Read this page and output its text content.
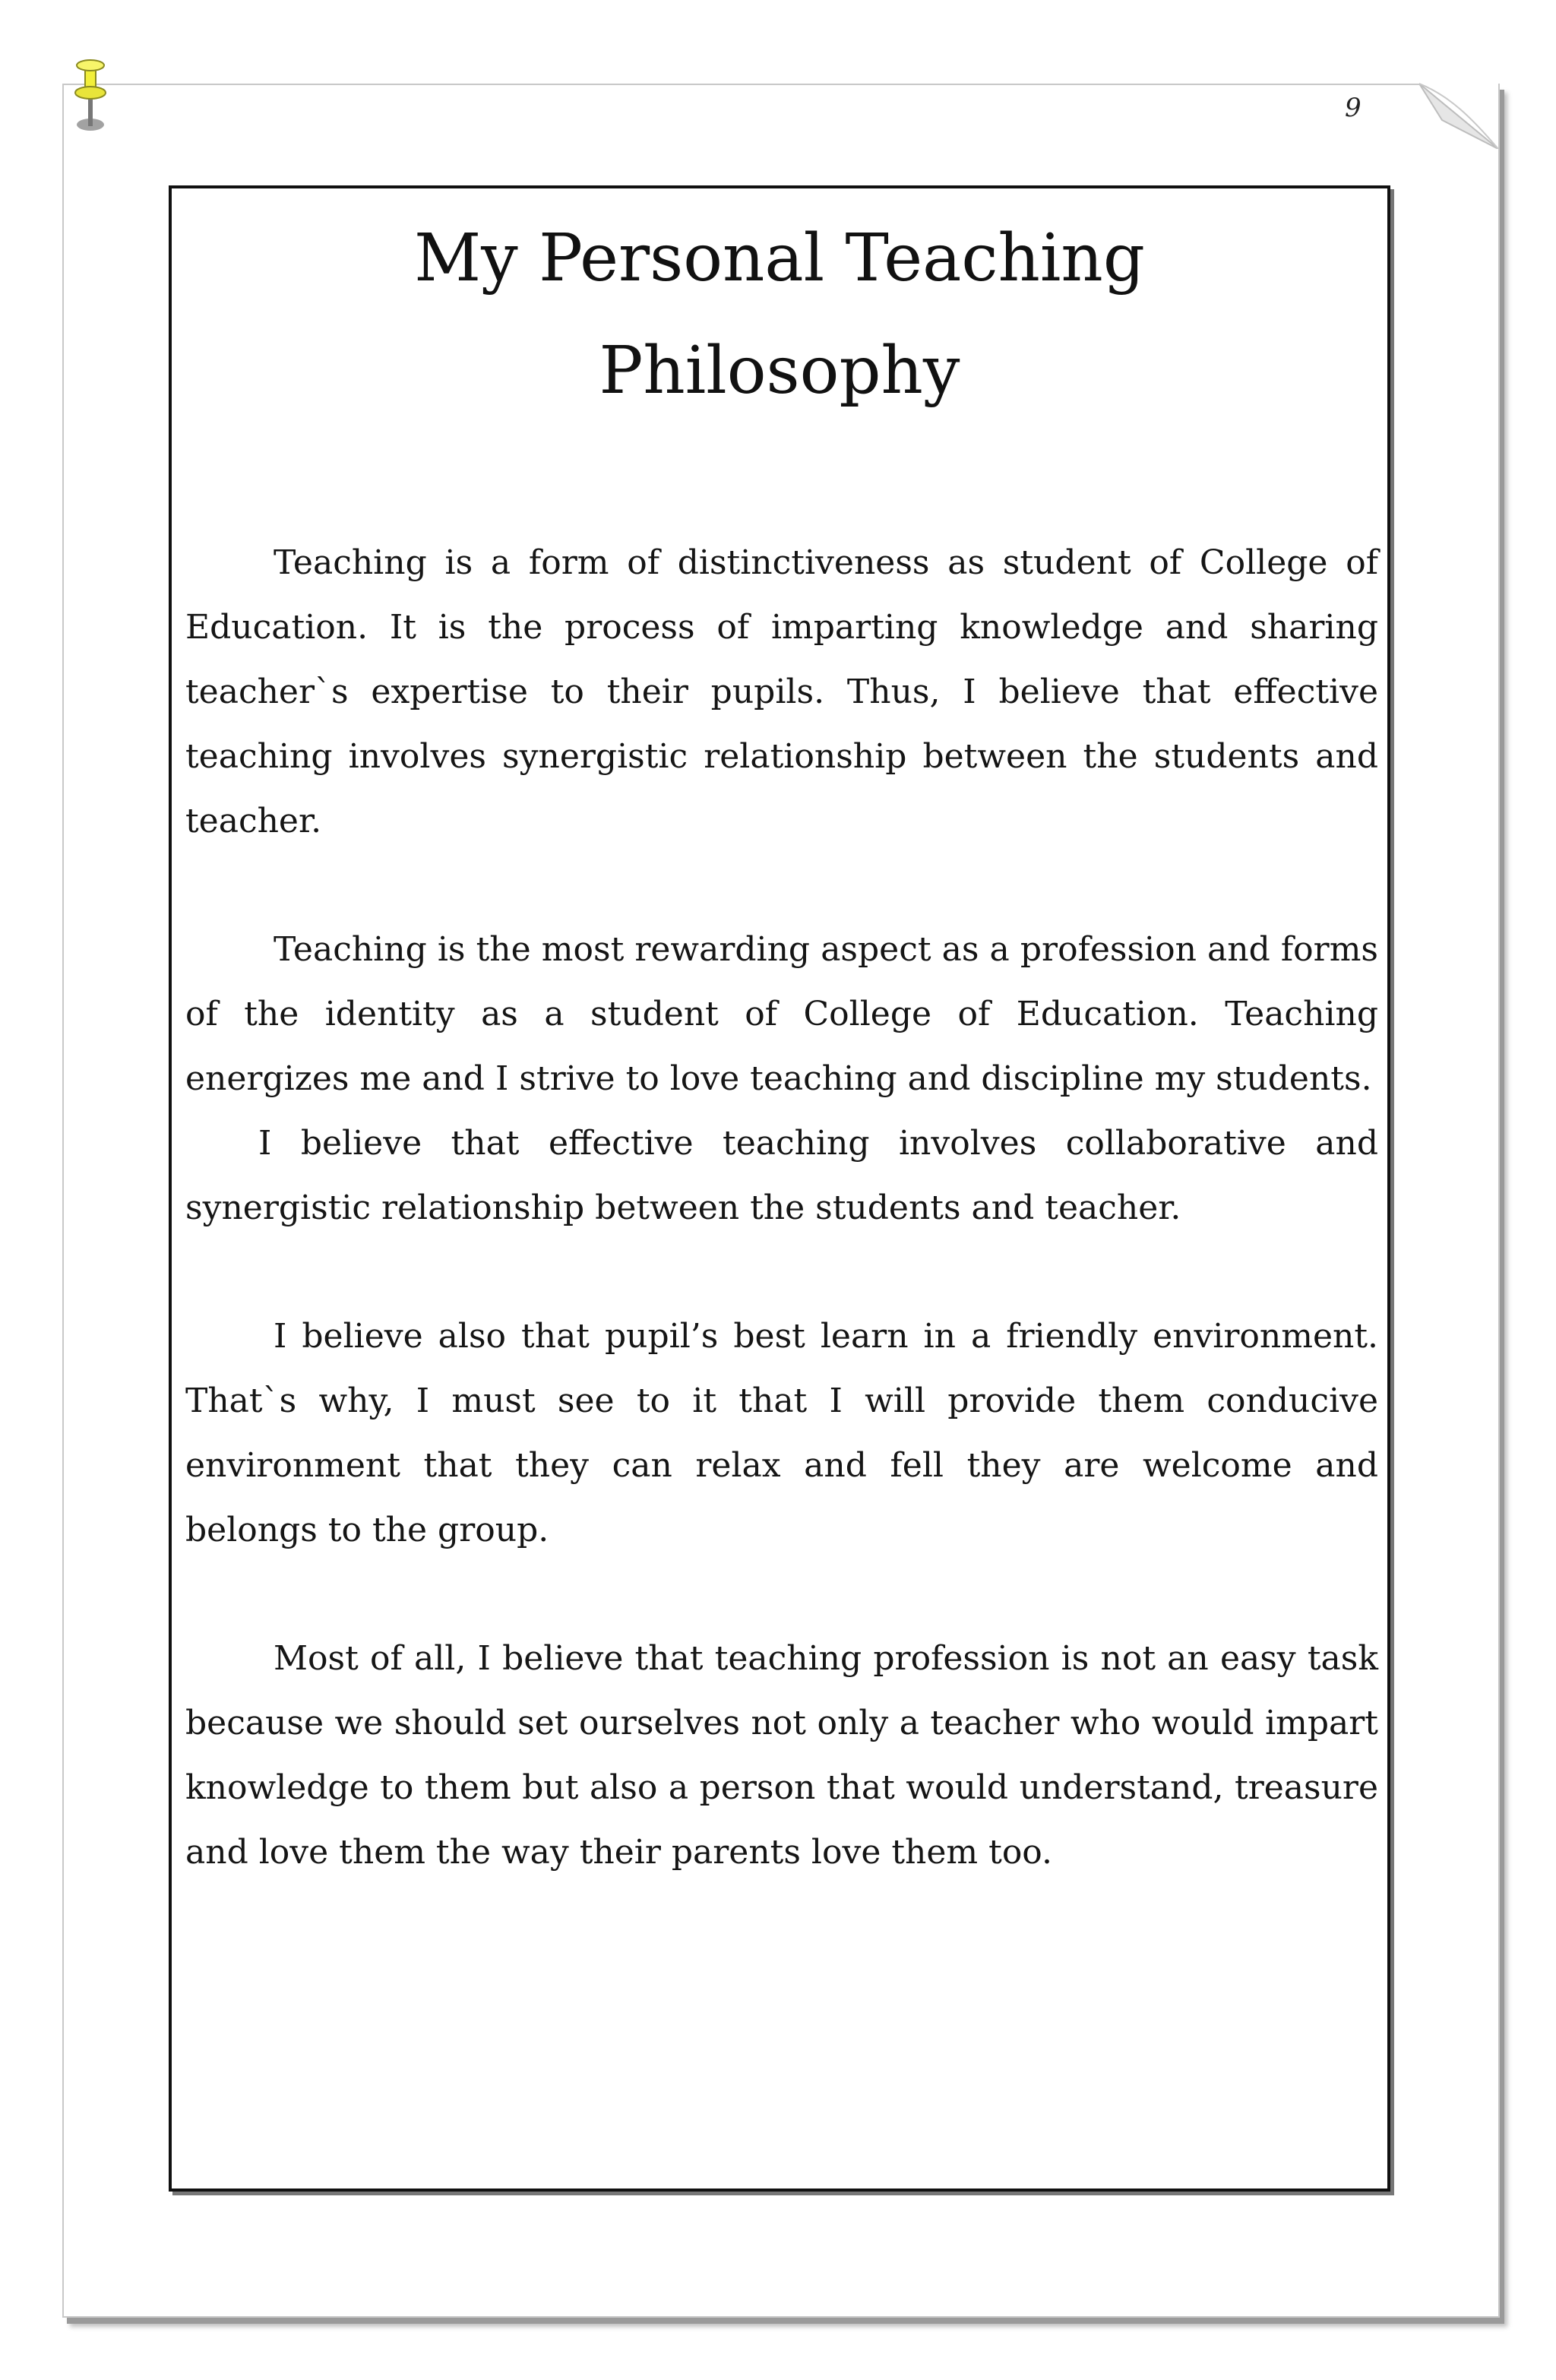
9
My Personal Teaching
Philosophy

Teaching is a form of distinctiveness as student of College of Education. It is the process of imparting knowledge and sharing teacher`s expertise to their pupils. Thus, I believe that effective teaching involves synergistic relationship between the students and teacher.

Teaching is the most rewarding aspect as a profession and forms of the identity as a student of College of Education. Teaching energizes me and I strive to love teaching and discipline my students.

I believe that effective teaching involves collaborative and synergistic relationship between the students and teacher.

I believe also that pupil’s best learn in a friendly environment. That`s why, I must see to it that I will provide them conducive environment that they can relax and fell they are welcome and belongs to the group.

Most of all, I believe that teaching profession is not an easy task because we should set ourselves not only a teacher who would impart knowledge to them but also a person that would understand, treasure and love them the way their parents love them too.
